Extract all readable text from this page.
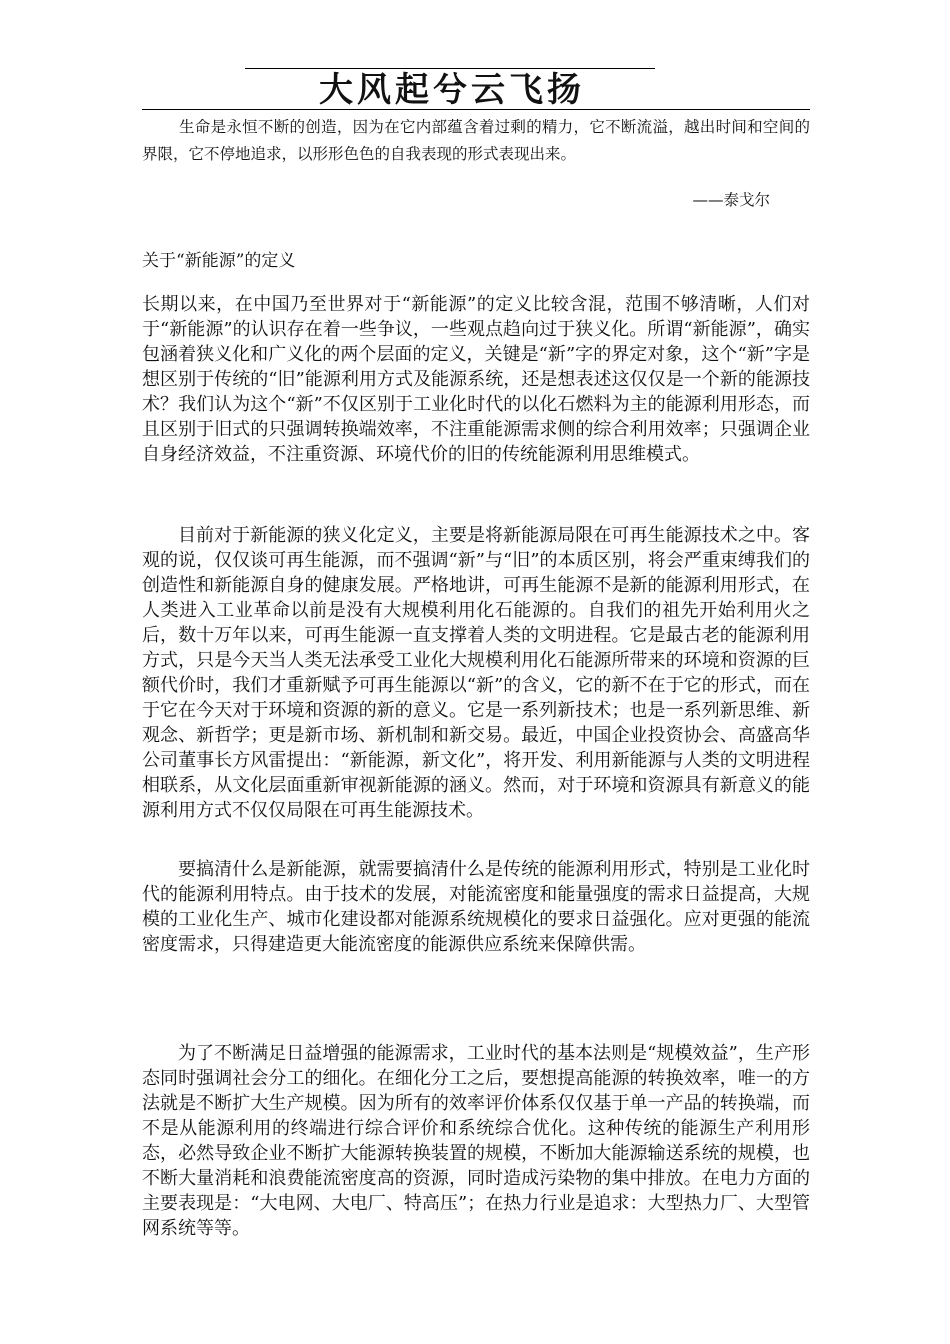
大风起兮云飞扬

生命是永恒不断的创造，因为在它内部蕴含着过剩的精力，它不断流溢，越出时间和空间的界限，它不停地追求，以形形色色的自我表现的形式表现出来。

——泰戈尔

关于“新能源”的定义

长期以来，在中国乃至世界对于“新能源”的定义比较含混，范围不够清晰，人们对于“新能源”的认识存在着一些争议，一些观点趋向过于狭义化。所谓“新能源”，确实包涵着狭义化和广义化的两个层面的定义，关键是“新”字的界定对象，这个“新”字是想区别于传统的“旧”能源利用方式及能源系统，还是想表述这仅仅是一个新的能源技术？我们认为这个“新”不仅区别于工业化时代的以化石燃料为主的能源利用形态，而且区别于旧式的只强调转换端效率，不注重能源需求侧的综合利用效率；只强调企业自身经济效益，不注重资源、环境代价的旧的传统能源利用思维模式。

目前对于新能源的狭义化定义，主要是将新能源局限在可再生能源技术之中。客观的说，仅仅谈可再生能源，而不强调“新”与“旧”的本质区别，将会严重束缚我们的创造性和新能源自身的健康发展。严格地讲，可再生能源不是新的能源利用形式，在人类进入工业革命以前是没有大规模利用化石能源的。自我们的祖先开始利用火之后，数十万年以来，可再生能源一直支撑着人类的文明进程。它是最古老的能源利用方式，只是今天当人类无法承受工业化大规模利用化石能源所带来的环境和资源的巨额代价时，我们才重新赋予可再生能源以“新”的含义，它的新不在于它的形式，而在于它在今天对于环境和资源的新的意义。它是一系列新技术；也是一系列新思维、新观念、新哲学；更是新市场、新机制和新交易。最近，中国企业投资协会、高盛高华公司董事长方风雷提出：“新能源，新文化”，将开发、利用新能源与人类的文明进程相联系，从文化层面重新审视新能源的涵义。然而，对于环境和资源具有新意义的能源利用方式不仅仅局限在可再生能源技术。

要搞清什么是新能源，就需要搞清什么是传统的能源利用形式，特别是工业化时代的能源利用特点。由于技术的发展，对能流密度和能量强度的需求日益提高，大规模的工业化生产、城市化建设都对能源系统规模化的要求日益强化。应对更强的能流密度需求，只得建造更大能流密度的能源供应系统来保障供需。

为了不断满足日益增强的能源需求，工业时代的基本法则是“规模效益”，生产形态同时强调社会分工的细化。在细化分工之后，要想提高能源的转换效率，唯一的方法就是不断扩大生产规模。因为所有的效率评价体系仅仅基于单一产品的转换端，而不是从能源利用的终端进行综合评价和系统综合优化。这种传统的能源生产利用形态，必然导致企业不断扩大能源转换装置的规模，不断加大能源输送系统的规模，也不断大量消耗和浪费能流密度高的资源，同时造成污染物的集中排放。在电力方面的主要表现是：“大电网、大电厂、特高压”；在热力行业是追求：大型热力厂、大型管网系统等等。
